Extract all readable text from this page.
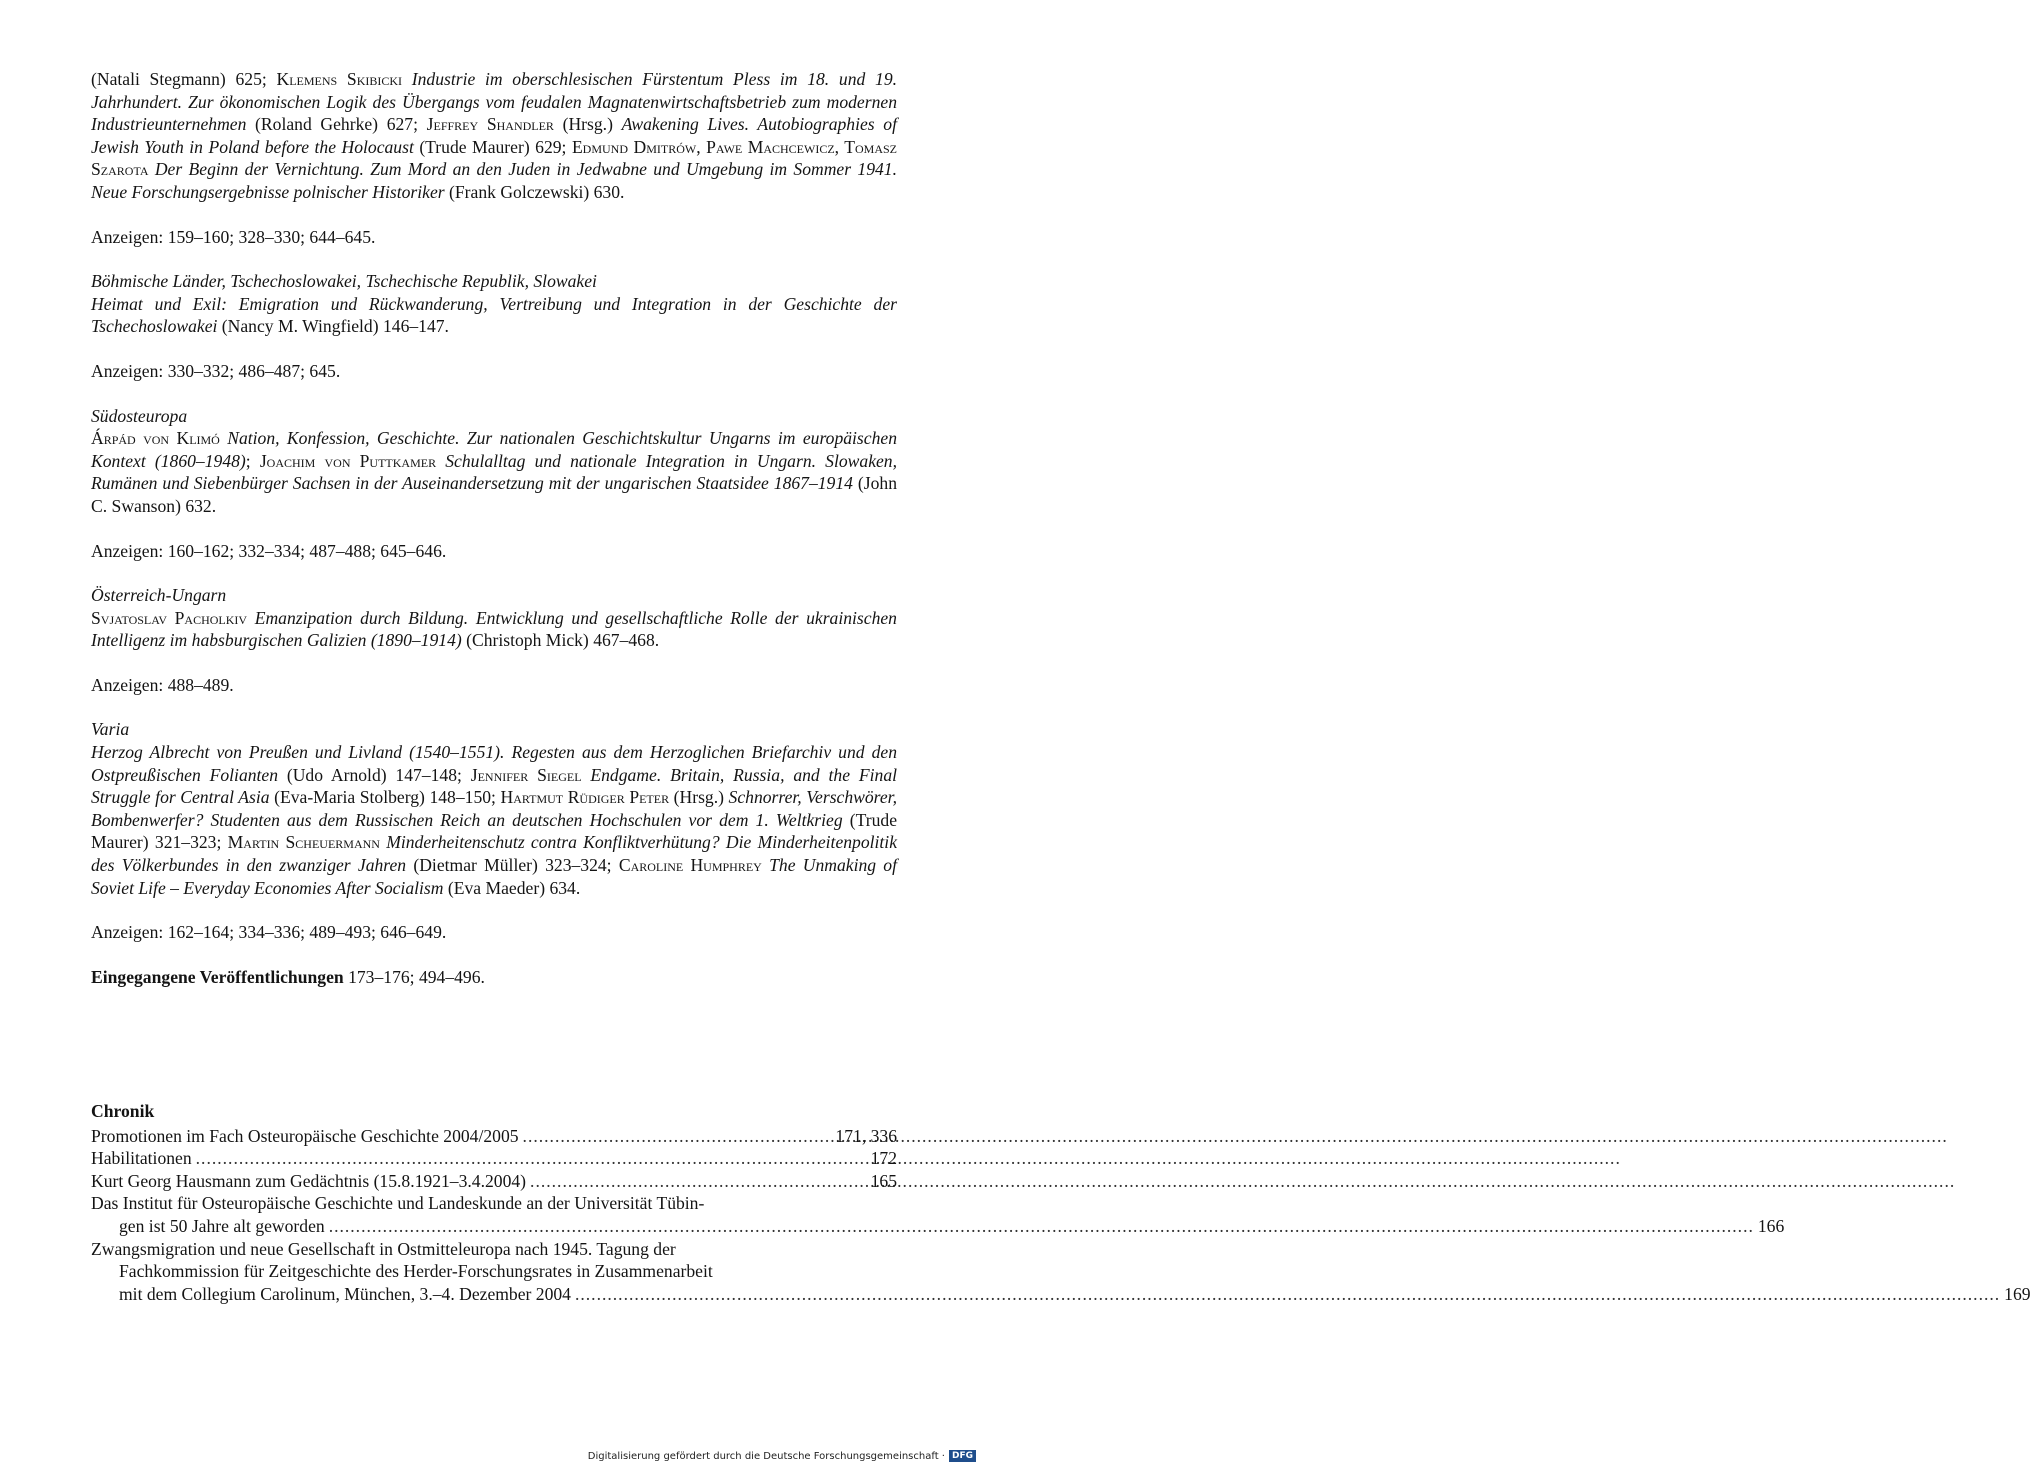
(Natali Stegmann) 625; Klemens Skibicki Industrie im oberschlesischen Fürstentum Pless im 18. und 19. Jahrhundert. Zur ökonomischen Logik des Übergangs vom feudalen Magnatenwirtschaftsbetrieb zum modernen Industrieunternehmen (Roland Gehrke) 627; Jeffrey Shandler (Hrsg.) Awakening Lives. Autobiographies of Jewish Youth in Poland before the Holocaust (Trude Maurer) 629; Edmund Dmitrów, Pawe Machcewicz, Tomasz Szarota Der Beginn der Vernichtung. Zum Mord an den Juden in Jedwabne und Umgebung im Sommer 1941. Neue Forschungsergebnisse polnischer Historiker (Frank Golczewski) 630.

Anzeigen: 159–160; 328–330; 644–645.

Böhmische Länder, Tschechoslowakei, Tschechische Republik, Slowakei

Heimat und Exil: Emigration und Rückwanderung, Vertreibung und Integration in der Geschichte der Tschechoslowakei (Nancy M. Wingfield) 146–147.

Anzeigen: 330–332; 486–487; 645.

Südosteuropa

Árpád von Klimó Nation, Konfession, Geschichte. Zur nationalen Geschichtskultur Ungarns im europäischen Kontext (1860–1948); Joachim von Puttkamer Schulalltag und nationale Integration in Ungarn. Slowaken, Rumänen und Siebenbürger Sachsen in der Auseinandersetzung mit der ungarischen Staatsidee 1867–1914 (John C. Swanson) 632.

Anzeigen: 160–162; 332–334; 487–488; 645–646.

Österreich-Ungarn

Svjatoslav Pacholkiv Emanzipation durch Bildung. Entwicklung und gesellschaftliche Rolle der ukrainischen Intelligenz im habsburgischen Galizien (1890–1914) (Christoph Mick) 467–468.

Anzeigen: 488–489.

Varia

Herzog Albrecht von Preußen und Livland (1540–1551). Regesten aus dem Herzoglichen Briefarchiv und den Ostpreußischen Folianten (Udo Arnold) 147–148; Jennifer Siegel Endgame. Britain, Russia, and the Final Struggle for Central Asia (Eva-Maria Stolberg) 148–150; Hartmut Rüdiger Peter (Hrsg.) Schnorrer, Verschwörer, Bombenwerfer? Studenten aus dem Russischen Reich an deutschen Hochschulen vor dem 1. Weltkrieg (Trude Maurer) 321–323; Martin Scheuermann Minderheitenschutz contra Konfliktverhütung? Die Minderheitenpolitik des Völkerbundes in den zwanziger Jahren (Dietmar Müller) 323–324; Caroline Humphrey The Unmaking of Soviet Life – Everyday Economies After Socialism (Eva Maeder) 634.

Anzeigen: 162–164; 334–336; 489–493; 646–649.

Eingegangene Veröffentlichungen 173–176; 494–496.

Chronik

Promotionen im Fach Osteuropäische Geschichte 2004/2005 .....	171, 336
Habilitationen .....	172
Kurt Georg Hausmann zum Gedächtnis (15.8.1921–3.4.2004) .....	165
Das Institut für Osteuropäische Geschichte und Landeskunde an der Universität Tübin-
gen ist 50 Jahre alt geworden .....	166
Zwangsmigration und neue Gesellschaft in Ostmitteleuropa nach 1945. Tagung der
Fachkommission für Zeitgeschichte des Herder-Forschungsrates in Zusammenarbeit
mit dem Collegium Carolinum, München, 3.–4. Dezember 2004 .....	169
Digitalisierung gefördert durch die Deutsche Forschungsgemeinschaft · DFG
